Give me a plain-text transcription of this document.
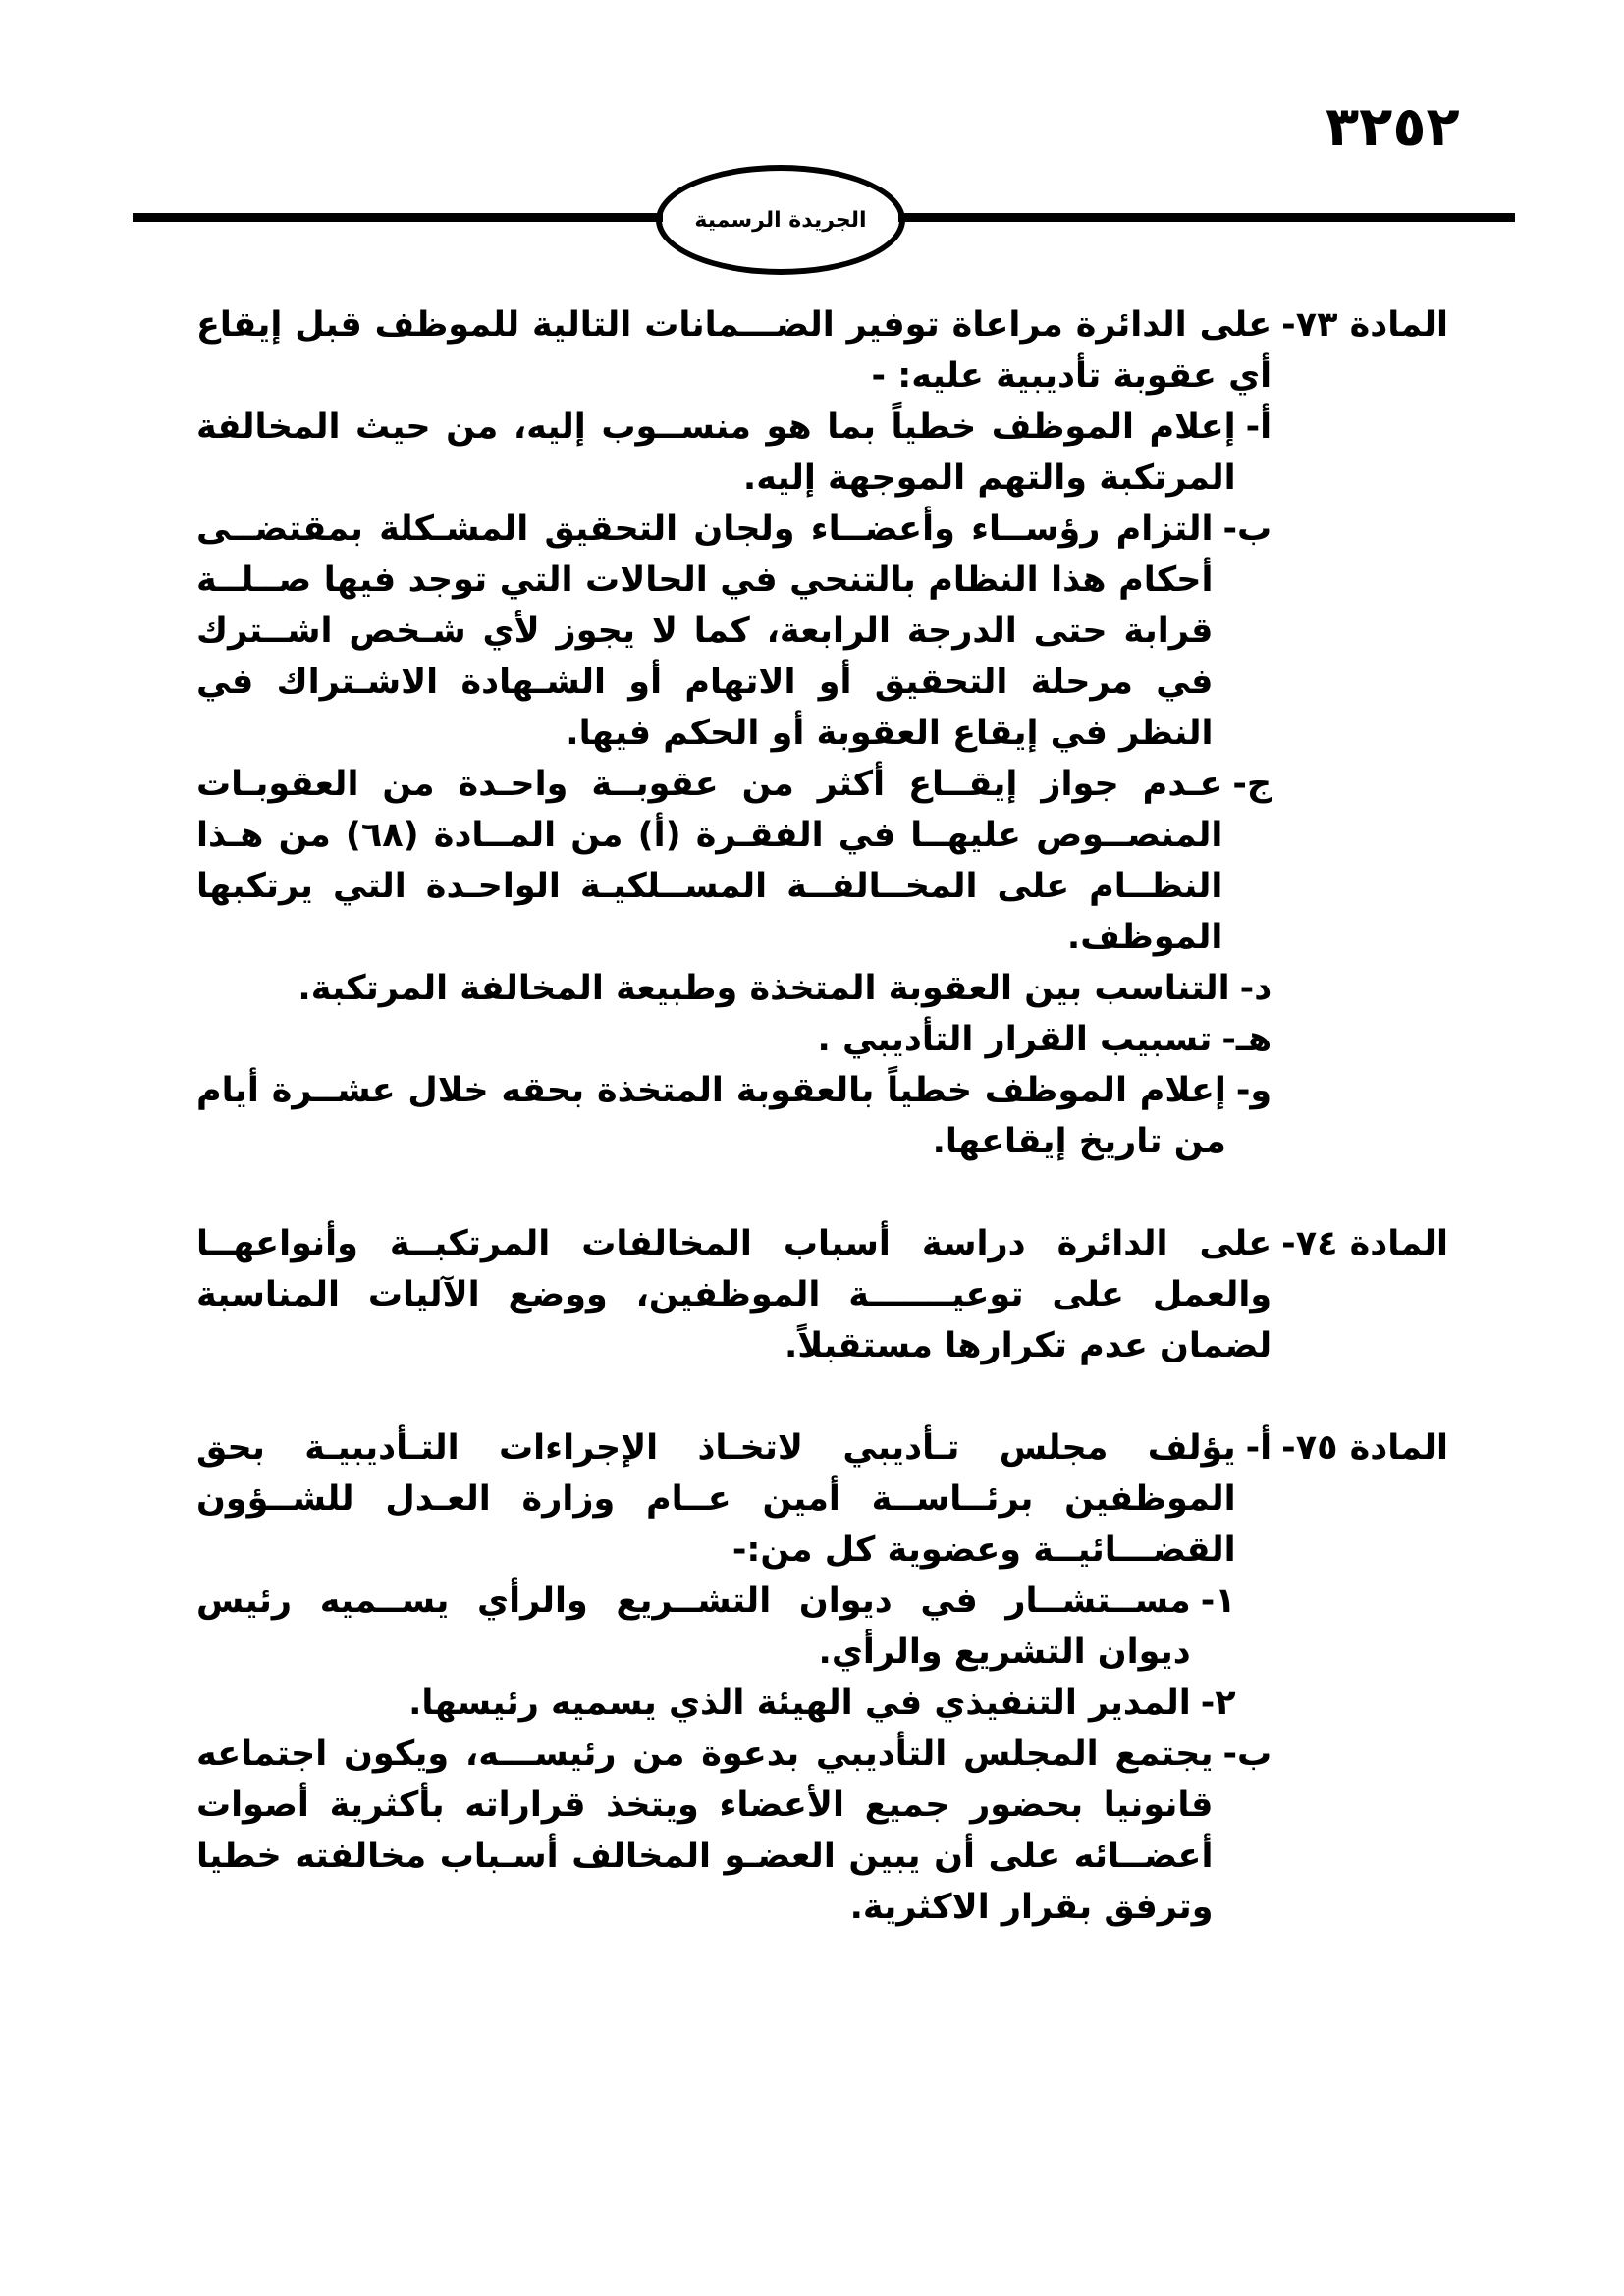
٣٢٥٢
الجريدة الرسمية
المادة ٧٣-

على الدائرة مراعاة توفير الضـــمانات التالية للموظف قبل إيقاع أي عقوبة تأديبية عليه: -

أ-
إعلام الموظف خطياً بما هو منســوب إليه، من حيث المخالفة المرتكبة والتهم الموجهة إليه.
ب-
التزام رؤســاء وأعضــاء ولجان التحقيق المشـكلة بمقتضــى أحكام هذا النظام بالتنحي في الحالات التي توجد فيها صــلــة قرابة حتى الدرجة الرابعة، كما لا يجوز لأي شـخص اشــترك في مرحلة التحقيق أو الاتهام أو الشـهادة الاشـتراك في النظر في إيقاع العقوبة أو الحكم فيها.
ج-
عـدم جواز إيقــاع أكثر من عقوبــة واحـدة من العقوبـات المنصــوص عليهــا في الفقـرة (أ) من المــادة (٦٨) من هـذا النظــام على المخــالفــة المســلكيـة الواحـدة التي يرتكبها الموظف.
د-
التناسب بين العقوبة المتخذة وطبيعة المخالفة المرتكبة.
هـ-
تسبيب القرار التأديبي .
و-
إعلام الموظف خطياً بالعقوبة المتخذة بحقه خلال عشــرة أيام من تاريخ إيقاعها.
المادة ٧٤-

على الدائرة دراسة أسباب المخالفات المرتكبــة وأنواعهــا والعمل على توعيـــــــة الموظفين، ووضع الآليات المناسبة لضمان عدم تكرارها مستقبلاً.

المادة ٧٥-
أ-
يؤلف مجلس تـأديبي لاتخـاذ الإجراءات التـأديبيـة بحق الموظفين برئــاســة أمين عــام وزارة العـدل للشــؤون القضـــائيــة وعضوية كل من:-
١-
مســتشــار في ديوان التشــريع والرأي يســميه رئيس ديوان التشريع والرأي.
٢-
المدير التنفيذي في الهيئة الذي يسميه رئيسها.
ب-
يجتمع المجلس التأديبي بدعوة من رئيســـه، ويكون اجتماعه قانونيا بحضور جميع الأعضاء ويتخذ قراراته بأكثرية أصوات أعضــائه على أن يبين العضـو المخالف أسـباب مخالفته خطيا وترفق بقرار الاكثرية.
